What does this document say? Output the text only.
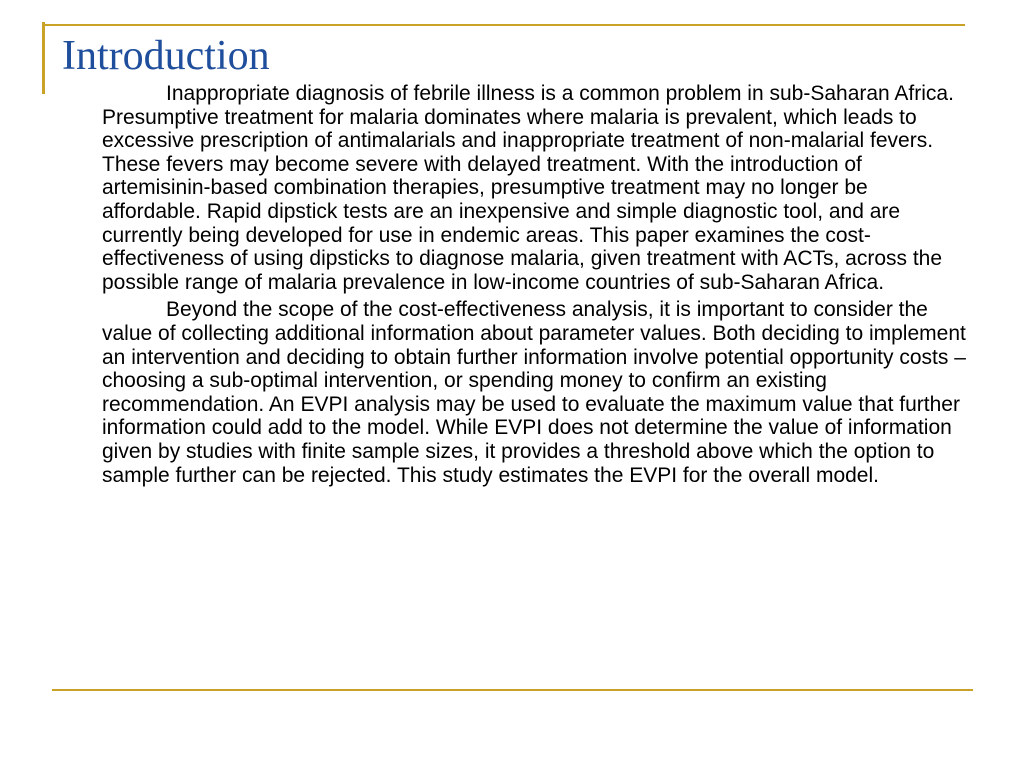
Introduction

Inappropriate diagnosis of febrile illness is a common problem in sub-Saharan Africa. Presumptive treatment for malaria dominates where malaria is prevalent, which leads to excessive prescription of antimalarials and inappropriate treatment of non-malarial fevers. These fevers may become severe with delayed treatment. With the introduction of artemisinin-based combination therapies, presumptive treatment may no longer be affordable. Rapid dipstick tests are an inexpensive and simple diagnostic tool, and are currently being developed for use in endemic areas. This paper examines the cost-effectiveness of using dipsticks to diagnose malaria, given treatment with ACTs, across the possible range of malaria prevalence in low-income countries of sub-Saharan Africa.

Beyond the scope of the cost-effectiveness analysis, it is important to consider the value of collecting additional information about parameter values. Both deciding to implement an intervention and deciding to obtain further information involve potential opportunity costs – choosing a sub-optimal intervention, or spending money to confirm an existing recommendation. An EVPI analysis may be used to evaluate the maximum value that further information could add to the model. While EVPI does not determine the value of information given by studies with finite sample sizes, it provides a threshold above which the option to sample further can be rejected. This study estimates the EVPI for the overall model.
